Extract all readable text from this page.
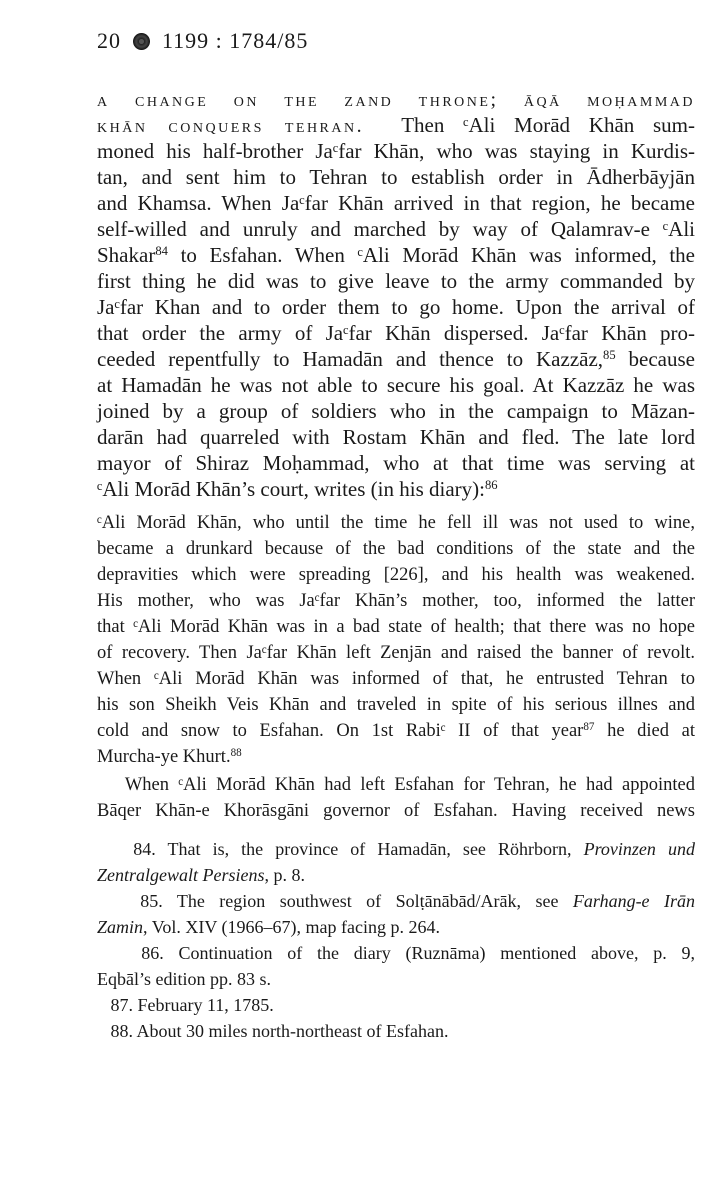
20 1199 : 1784/85
a change on the zand throne; āqā moḥammad
khān conquers tehran.  Then ᶜAli Morād Khān sum-
moned his half-brother Jaᶜfar Khān, who was staying in Kurdis-
tan, and sent him to Tehran to establish order in Ādherbāyjān
and Khamsa. When Jaᶜfar Khān arrived in that region, he became
self-willed and unruly and marched by way of Qalamrav-e ᶜAli
Shakar$^{84}$ to Esfahan. When ᶜAli Morād Khān was informed, the
first thing he did was to give leave to the army commanded by
Jaᶜfar Khan and to order them to go home. Upon the arrival of
that order the army of Jaᶜfar Khān dispersed. Jaᶜfar Khān pro-
ceeded repentfully to Hamadān and thence to Kazzāz,$^{85}$ because
at Hamadān he was not able to secure his goal. At Kazzāz he was
joined by a group of soldiers who in the campaign to Māzan-
darān had quarreled with Rostam Khān and fled. The late lord
mayor of Shiraz Moḥammad, who at that time was serving at
ᶜAli Morād Khān’s court, writes (in his diary):$^{86}$
ᶜAli Morād Khān, who until the time he fell ill was not used to wine,
became a drunkard because of the bad conditions of the state and the
depravities which were spreading [226], and his health was weakened.
His mother, who was Jaᶜfar Khān’s mother, too, informed the latter
that ᶜAli Morād Khān was in a bad state of health; that there was no hope
of recovery. Then Jaᶜfar Khān left Zenjān and raised the banner of revolt.
When ᶜAli Morād Khān was informed of that, he entrusted Tehran to
his son Sheikh Veis Khān and traveled in spite of his serious illnes and
cold and snow to Esfahan. On 1st Rabiᶜ II of that year$^{87}$ he died at
Murcha-ye Khurt.$^{88}$
When ᶜAli Morād Khān had left Esfahan for Tehran, he had appointed
Bāqer Khān-e Khorāsgāni governor of Esfahan. Having received news
84. That is, the province of Hamadān, see Röhrborn, Provinzen und
Zentralgewalt Persiens, p. 8.
85. The region southwest of Solṭānābād/Arāk, see Farhang-e Irān
Zamin, Vol. XIV (1966–67), map facing p. 264.
86. Continuation of the diary (Ruznāma) mentioned above, p. 9,
Eqbāl’s edition pp. 83 s.
87. February 11, 1785.
88. About 30 miles north-northeast of Esfahan.
